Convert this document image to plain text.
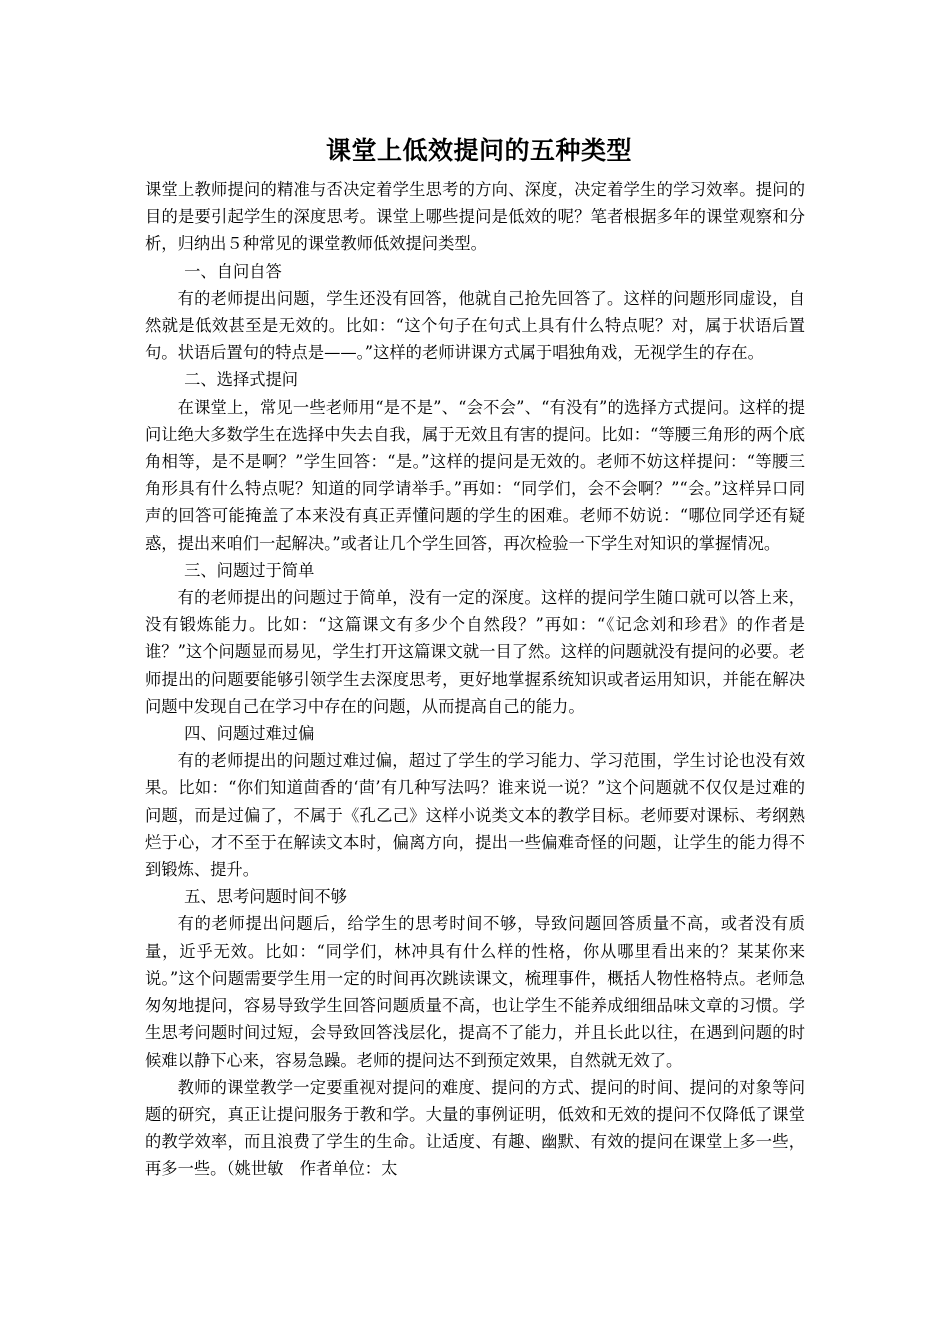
课堂上低效提问的五种类型

课堂上教师提问的精准与否决定着学生思考的方向、深度，决定着学生的学习效率。提问的目的是要引起学生的深度思考。课堂上哪些提问是低效的呢？笔者根据多年的课堂观察和分析，归纳出５种常见的课堂教师低效提问类型。

一、自问自答

有的老师提出问题，学生还没有回答，他就自己抢先回答了。这样的问题形同虚设，自然就是低效甚至是无效的。比如：“这个句子在句式上具有什么特点呢？对，属于状语后置句。状语后置句的特点是——。”这样的老师讲课方式属于唱独角戏，无视学生的存在。

二、选择式提问

在课堂上，常见一些老师用“是不是”、“会不会”、“有没有”的选择方式提问。这样的提问让绝大多数学生在选择中失去自我，属于无效且有害的提问。比如：“等腰三角形的两个底角相等，是不是啊？”学生回答：“是。”这样的提问是无效的。老师不妨这样提问：“等腰三角形具有什么特点呢？知道的同学请举手。”再如：“同学们，会不会啊？”“会。”这样异口同声的回答可能掩盖了本来没有真正弄懂问题的学生的困难。老师不妨说：“哪位同学还有疑惑，提出来咱们一起解决。”或者让几个学生回答，再次检验一下学生对知识的掌握情况。

三、问题过于简单

有的老师提出的问题过于简单，没有一定的深度。这样的提问学生随口就可以答上来，没有锻炼能力。比如：“这篇课文有多少个自然段？”再如：“《记念刘和珍君》的作者是谁？”这个问题显而易见，学生打开这篇课文就一目了然。这样的问题就没有提问的必要。老师提出的问题要能够引领学生去深度思考，更好地掌握系统知识或者运用知识，并能在解决问题中发现自己在学习中存在的问题，从而提高自己的能力。

四、问题过难过偏

有的老师提出的问题过难过偏，超过了学生的学习能力、学习范围，学生讨论也没有效果。比如：“你们知道茴香的‘茴’有几种写法吗？谁来说一说？”这个问题就不仅仅是过难的问题，而是过偏了，不属于《孔乙己》这样小说类文本的教学目标。老师要对课标、考纲熟烂于心，才不至于在解读文本时，偏离方向，提出一些偏难奇怪的问题，让学生的能力得不到锻炼、提升。

五、思考问题时间不够

有的老师提出问题后，给学生的思考时间不够，导致问题回答质量不高，或者没有质量，近乎无效。比如：“同学们，林冲具有什么样的性格，你从哪里看出来的？某某你来说。”这个问题需要学生用一定的时间再次跳读课文，梳理事件，概括人物性格特点。老师急匆匆地提问，容易导致学生回答问题质量不高，也让学生不能养成细细品味文章的习惯。学生思考问题时间过短，会导致回答浅层化，提高不了能力，并且长此以往，在遇到问题的时候难以静下心来，容易急躁。老师的提问达不到预定效果，自然就无效了。

教师的课堂教学一定要重视对提问的难度、提问的方式、提问的时间、提问的对象等问题的研究，真正让提问服务于教和学。大量的事例证明，低效和无效的提问不仅降低了课堂的教学效率，而且浪费了学生的生命。让适度、有趣、幽默、有效的提问在课堂上多一些，再多一些。（姚世敏　作者单位：太
